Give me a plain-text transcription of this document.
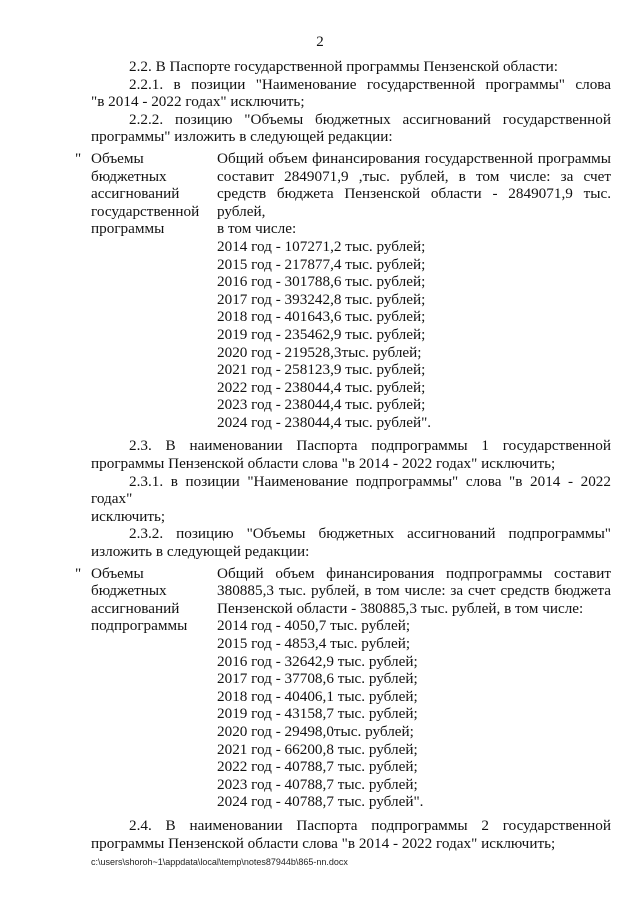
2

2.2. В Паспорте государственной программы Пензенской области:

2.2.1. в позиции "Наименование государственной программы" слова

"в 2014 - 2022 годах" исключить;

2.2.2. позицию "Объемы бюджетных ассигнований государственной

программы" изложить в следующей редакции:

" Объемы
бюджетных
ассигнований
государственной
программы
Общий объем финансирования государственной программы
составит 2849071,9 ,тыс. рублей, в том числе: за счет
средств бюджета Пензенской области - 2849071,9 тыс.
рублей,
в том числе:
2014 год - 107271,2 тыс. рублей;
2015 год - 217877,4 тыс. рублей;
2016 год - 301788,6 тыс. рублей;
2017 год - 393242,8 тыс. рублей;
2018 год - 401643,6 тыс. рублей;
2019 год - 235462,9 тыс. рублей;
2020 год - 219528,3тыс. рублей;
2021 год - 258123,9 тыс. рублей;
2022 год - 238044,4 тыс. рублей;
2023 год - 238044,4 тыс. рублей;
2024 год - 238044,4 тыс. рублей".

2.3. В наименовании Паспорта подпрограммы 1 государственной

программы Пензенской области слова "в 2014 - 2022 годах" исключить;

2.3.1. в позиции "Наименование подпрограммы" слова "в 2014 - 2022 годах"

исключить;

2.3.2. позицию "Объемы бюджетных ассигнований подпрограммы"

изложить в следующей редакции:

" Объемы
бюджетных
ассигнований
подпрограммы
Общий объем финансирования подпрограммы составит
380885,3 тыс. рублей, в том числе: за счет средств бюджета
Пензенской области - 380885,3 тыс. рублей, в том числе:
2014 год - 4050,7 тыс. рублей;
2015 год - 4853,4 тыс. рублей;
2016 год - 32642,9 тыс. рублей;
2017 год - 37708,6 тыс. рублей;
2018 год - 40406,1 тыс. рублей;
2019 год - 43158,7 тыс. рублей;
2020 год - 29498,0тыс. рублей;
2021 год - 66200,8 тыс. рублей;
2022 год - 40788,7 тыс. рублей;
2023 год - 40788,7 тыс. рублей;
2024 год - 40788,7 тыс. рублей".

2.4. В наименовании Паспорта подпрограммы 2 государственной

программы Пензенской области слова "в 2014 - 2022 годах" исключить;

c:\users\shoroh~1\appdata\local\temp\notes87944b\865-nn.docx
